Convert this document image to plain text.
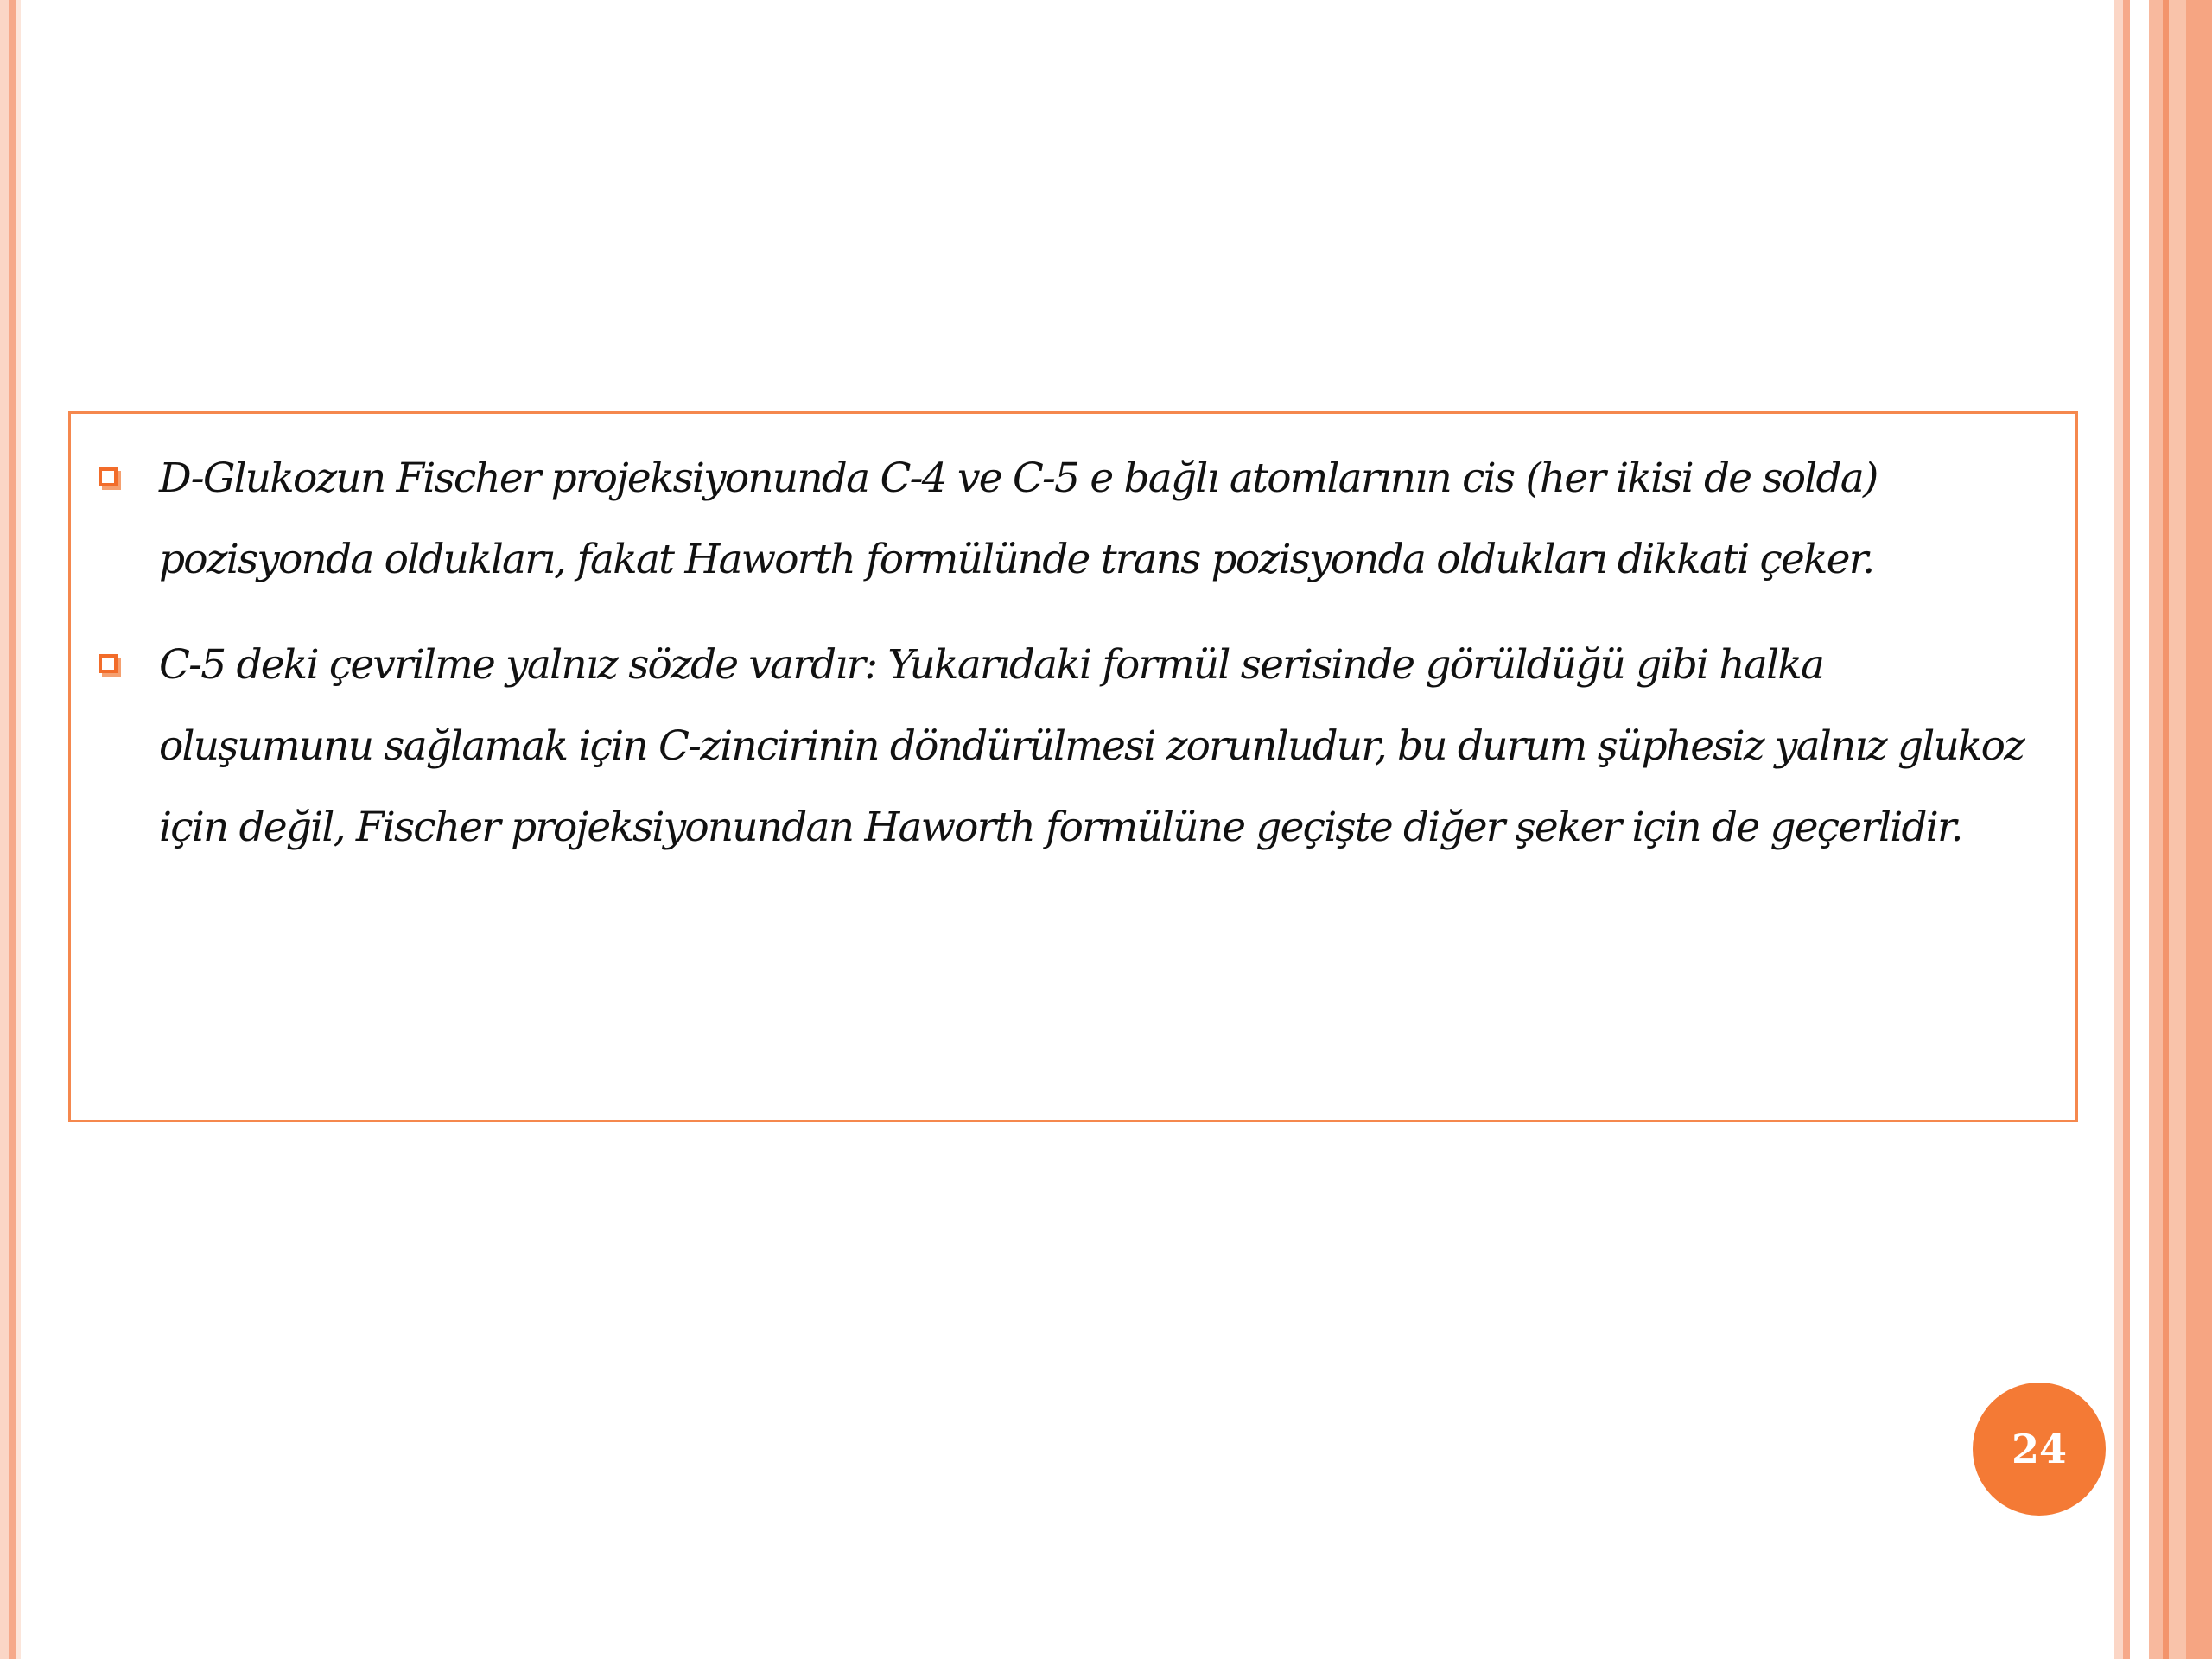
D-Glukozun Fischer projeksiyonunda C-4 ve C-5 e bağlı atomlarının cis (her ikisi de solda) pozisyonda oldukları, fakat Haworth formülünde trans pozisyonda oldukları dikkati çeker.
C-5 deki çevrilme yalnız sözde vardır: Yukarıdaki formül serisinde görüldüğü gibi halka oluşumunu sağlamak için C-zincirinin döndürülmesi zorunludur, bu durum şüphesiz yalnız glukoz için değil, Fischer projeksiyonundan Haworth formülüne geçişte diğer şeker için de geçerlidir.
24
